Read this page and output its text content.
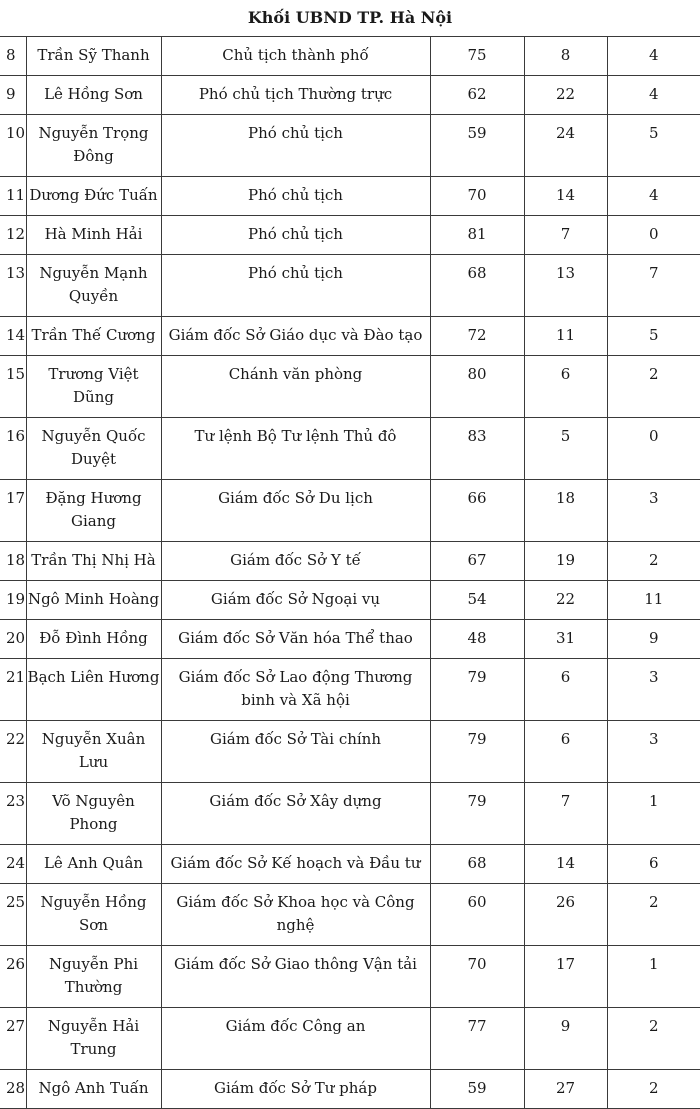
Khối UBND TP. Hà Nội
8	Trần Sỹ Thanh	Chủ tịch thành phố	75	8	4
9	Lê Hồng Sơn	Phó chủ tịch Thường trực	62	22	4
10	Nguyễn Trọng Đông	Phó chủ tịch	59	24	5
11	Dương Đức Tuấn	Phó chủ tịch	70	14	4
12	Hà Minh Hải	Phó chủ tịch	81	7	0
13	Nguyễn Mạnh Quyền	Phó chủ tịch	68	13	7
14	Trần Thế Cương	Giám đốc Sở Giáo dục và Đào tạo	72	11	5
15	Trương Việt Dũng	Chánh văn phòng	80	6	2
16	Nguyễn Quốc Duyệt	Tư lệnh Bộ Tư lệnh Thủ đô	83	5	0
17	Đặng Hương Giang	Giám đốc Sở Du lịch	66	18	3
18	Trần Thị Nhị Hà	Giám đốc Sở Y tế	67	19	2
19	Ngô Minh Hoàng	Giám đốc Sở Ngoại vụ	54	22	11
20	Đỗ Đình Hồng	Giám đốc Sở Văn hóa Thể thao	48	31	9
21	Bạch Liên Hương	Giám đốc Sở Lao động Thương binh và Xã hội	79	6	3
22	Nguyễn Xuân Lưu	Giám đốc Sở Tài chính	79	6	3
23	Võ Nguyên Phong	Giám đốc Sở Xây dựng	79	7	1
24	Lê Anh Quân	Giám đốc Sở Kế hoạch và Đầu tư	68	14	6
25	Nguyễn Hồng Sơn	Giám đốc Sở Khoa học và Công nghệ	60	26	2
26	Nguyễn Phi Thường	Giám đốc Sở Giao thông Vận tải	70	17	1
27	Nguyễn Hải Trung	Giám đốc Công an	77	9	2
28	Ngô Anh Tuấn	Giám đốc Sở Tư pháp	59	27	2
